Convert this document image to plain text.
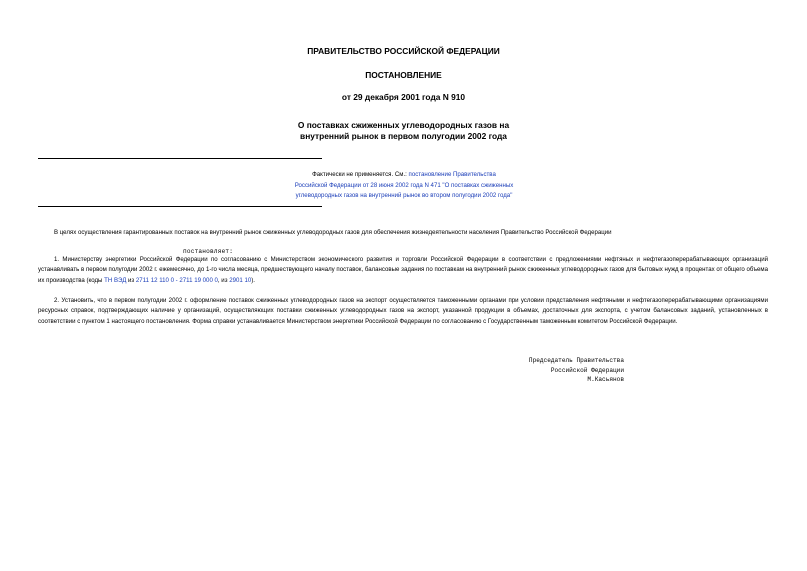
ПРАВИТЕЛЬСТВО РОССИЙСКОЙ ФЕДЕРАЦИИ
ПОСТАНОВЛЕНИЕ
от 29 декабря 2001 года N 910
О поставках сжиженных углеводородных газов на
внутренний рынок в первом полугодии 2002 года
Фактически не применяется. См.: постановление Правительства
Российской Федерации от 28 июня 2002 года N 471 "О поставках сжиженных
углеводородных газов на внутренний рынок во втором полугодии 2002 года"
В целях осуществления гарантированных поставок на внутренний рынок сжиженных углеводородных газов для обеспечения жизнедеятельности населения Правительство Российской Федерации
постановляет:
1. Министерству энергетики Российской Федерации по согласованию с Министерством экономического развития и торговли Российской Федерации в соответствии с предложениями нефтяных и нефтегазоперерабатывающих организаций устанавливать в первом полугодии 2002 г. ежемесячно, до 1-го числа месяца, предшествующего началу поставок, балансовые задания по поставкам на внутренний рынок сжиженных углеводородных газов для бытовых нужд в процентах от общего объема их производства (коды ТН ВЭД из 2711 12 110 0 - 2711 19 000 0, из 2901 10).
2. Установить, что в первом полугодии 2002 г. оформление поставок сжиженных углеводородных газов на экспорт осуществляется таможенными органами при условии представления нефтяными и нефтегазоперерабатывающими организациями ресурсных справок, подтверждающих наличие у организаций, осуществляющих поставки сжиженных углеводородных газов на экспорт, указанной продукции в объемах, достаточных для экспорта, с учетом балансовых заданий, установленных в соответствии с пунктом 1 настоящего постановления. Форма справки устанавливается Министерством энергетики Российской Федерации по согласованию с Государственным таможенным комитетом Российской Федерации.
Председатель Правительства
Российской Федерации
М.Касьянов
